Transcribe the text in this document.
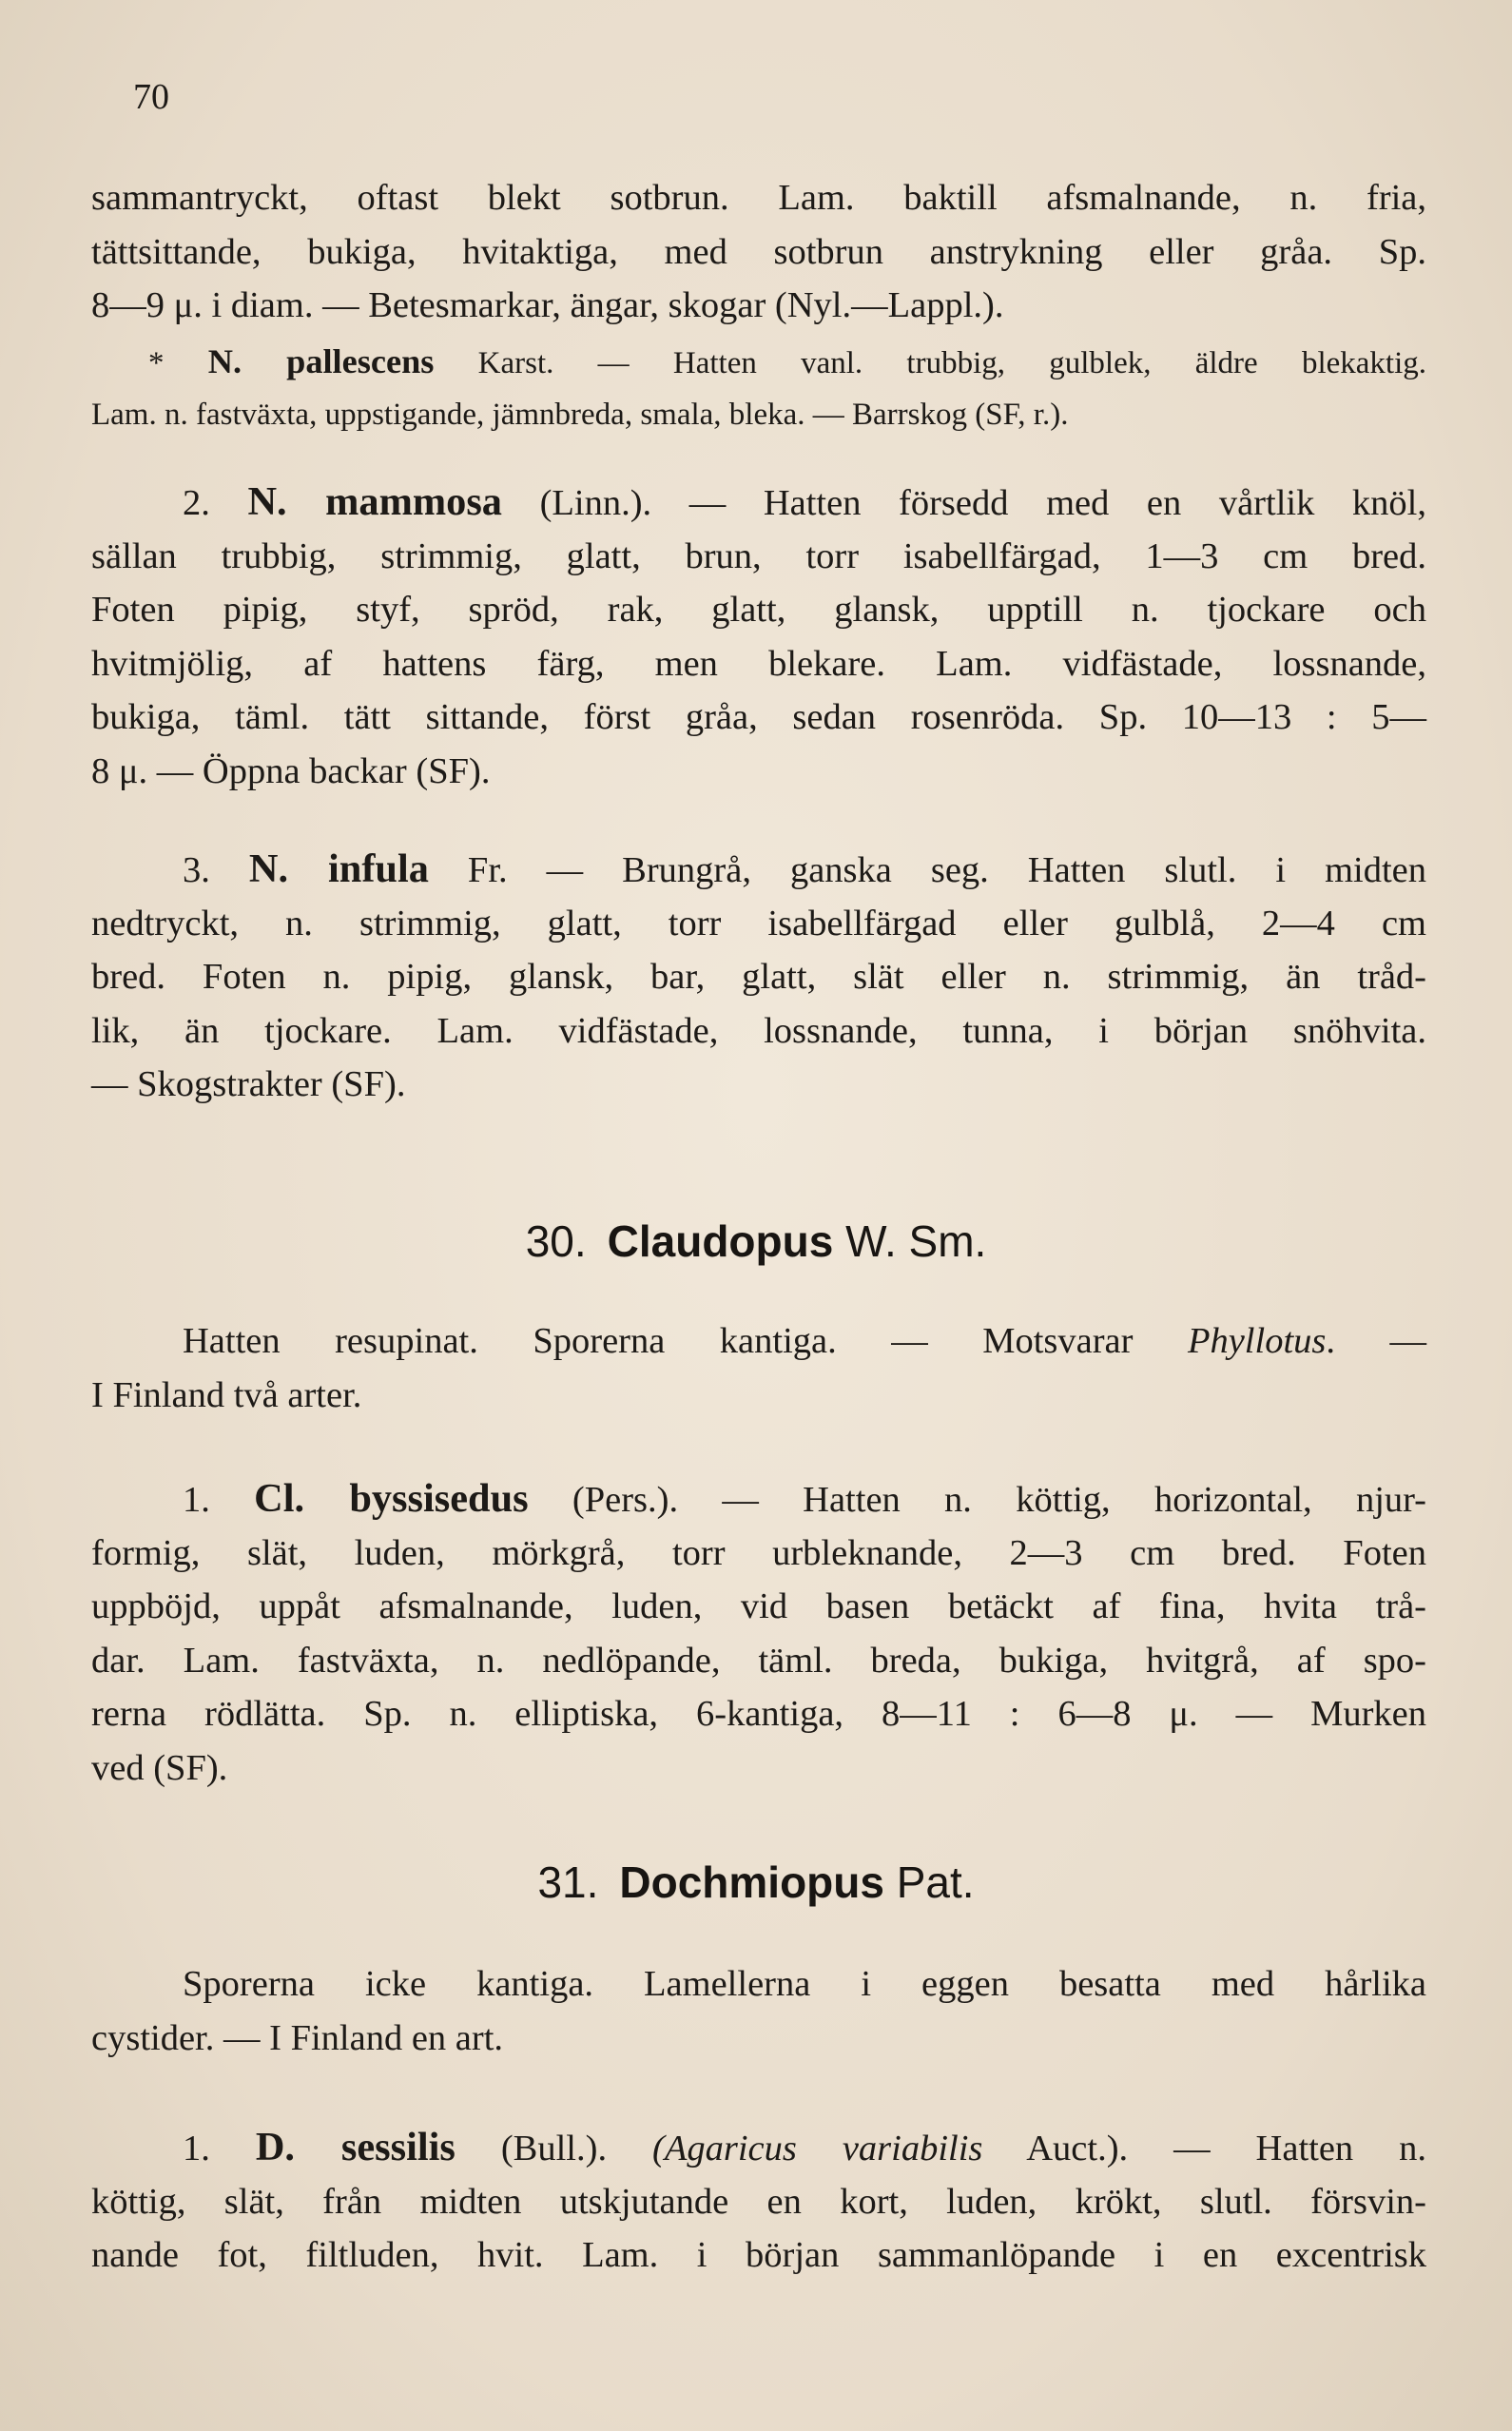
70
sammantryckt, oftast blekt sotbrun. Lam. baktill afsmalnande, n. fria,
tättsittande, bukiga, hvitaktiga, med sotbrun anstrykning eller gråa. Sp.
8—9 μ. i diam. — Betesmarkar, ängar, skogar (Nyl.—Lappl.).
* N. pallescens Karst. — Hatten vanl. trubbig, gulblek, äldre blekaktig.
Lam. n. fastväxta, uppstigande, jämnbreda, smala, bleka. — Barrskog (SF, r.).
2. N. mammosa (Linn.). — Hatten försedd med en vårtlik knöl,
sällan trubbig, strimmig, glatt, brun, torr isabellfärgad, 1—3 cm bred.
Foten pipig, styf, spröd, rak, glatt, glansk, upptill n. tjockare och
hvitmjölig, af hattens färg, men blekare. Lam. vidfästade, lossnande,
bukiga, täml. tätt sittande, först gråa, sedan rosenröda. Sp. 10—13 : 5—
8 μ. — Öppna backar (SF).
3. N. infula Fr. — Brungrå, ganska seg. Hatten slutl. i midten
nedtryckt, n. strimmig, glatt, torr isabellfärgad eller gulblå, 2—4 cm
bred. Foten n. pipig, glansk, bar, glatt, slät eller n. strimmig, än tråd-
lik, än tjockare. Lam. vidfästade, lossnande, tunna, i början snöhvita.
— Skogstrakter (SF).
30. Claudopus W. Sm.
Hatten resupinat. Sporerna kantiga. — Motsvarar Phyllotus. —
I Finland två arter.
1. Cl. byssisedus (Pers.). — Hatten n. köttig, horizontal, njur-
formig, slät, luden, mörkgrå, torr urbleknande, 2—3 cm bred. Foten
uppböjd, uppåt afsmalnande, luden, vid basen betäckt af fina, hvita trå-
dar. Lam. fastväxta, n. nedlöpande, täml. breda, bukiga, hvitgrå, af spo-
rerna rödlätta. Sp. n. elliptiska, 6-kantiga, 8—11 : 6—8 μ. — Murken
ved (SF).
31. Dochmiopus Pat.
Sporerna icke kantiga. Lamellerna i eggen besatta med hårlika
cystider. — I Finland en art.
1. D. sessilis (Bull.). (Agaricus variabilis Auct.). — Hatten n.
köttig, slät, från midten utskjutande en kort, luden, krökt, slutl. försvin-
nande fot, filtluden, hvit. Lam. i början sammanlöpande i en excentrisk
